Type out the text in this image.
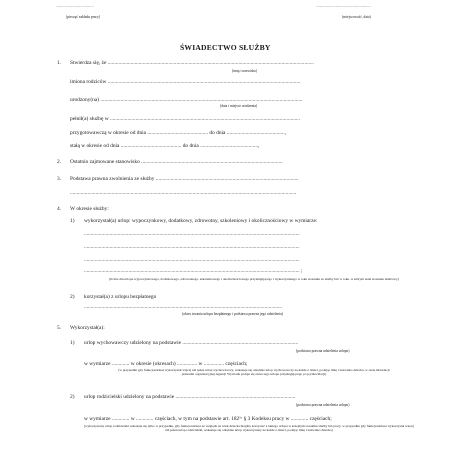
..........................................
(pieczęć zakładu pracy)
.............................................................
(miejscowość, data)
ŚWIADECTWO SŁUŻBY
1. Stwierdza się, że .........................................................................................................................................................
(imię i nazwisko)
imiona rodziców ...............................................................................................................................................
urodzony(na) ......................................................................................................................................................
(data i miejsce urodzenia)
pełnił(a) służbę w .............................................................................................................................................
przygotowawczą w okresie od dnia ............................................. do dnia ...........................................,
stałą w okresie od dnia ............................................. do dnia ...........................................,
2. Ostatnio zajmowane stanowisko .........................................................................................................
3. Podstawa prawna zwolnienia ze służby ..........................................................................................................
........................................................................................................................................................................
4. W okresie służby:
1) wykorzystał(a) urlop: wypoczynkowy, dodatkowy, zdrowotny, szkoleniowy i okolicznościowy w wymiarze:
................................................................................................................................................................
................................................................................................................................................................
................................................................................................................................................................
................................................................................................................................................................ ;
(liczba dni urlopu wypoczynkowego, dodatkowego, zdrowotnego, szkoleniowego i okolicznościowego przysługującego i wykorzystanego w toku stosunku ze służby lub w roku, w którym ustał stosunek służbowy)
2) korzystał(a) z urlopu bezpłatnego
...................................................................................................................................................
(okres trwania urlopu bezpłatnego i podstawa prawna jego udzielenia)
5. Wykorzystał(a):
1) urlop wychowawczy udzielony na podstawie ......................................................................................
(podstawa prawna udzielenia urlopu)
w wymiarze ............. w okresie (okresach) ............... w ............... częściach;
(w przypadku gdy funkcjonariusz wykorzystał więcej niż jeden urlop wychowawczy, wskazuje się odrębnie urlop wychowawczy na każde z dzieci, podając imię i nazwisko dziecka, w razie likwidacji jednostki organizacyjnej Agencji Wywiadu podaje się okres tego urlopu przysługującego po jej likwidacji)
2) urlop rodzicielski udzielony na podstawie .........................................................................................
(podstawa prawna udzielenia urlopu)
w wymiarze ............. w ............. częściach, w tym na podstawie art. 182¹ᶜ § 3 Kodeksu pracy w ............. częściach;
(wykorzystany urlop rodzicielski wskazuje się tylko w przypadku, gdy funkcjonariusz ze względu na wiek dziecka mógłby korzystać z takiego urlopu w kolejnym stosunku służby lub pracy, w przypadku gdy funkcjonariusz wykorzystał więcej niż jeden urlop rodzicielski, wskazuje się odrębnie urlop wykorzystany na każde z dzieci, podając imię i nazwisko dziecka)
